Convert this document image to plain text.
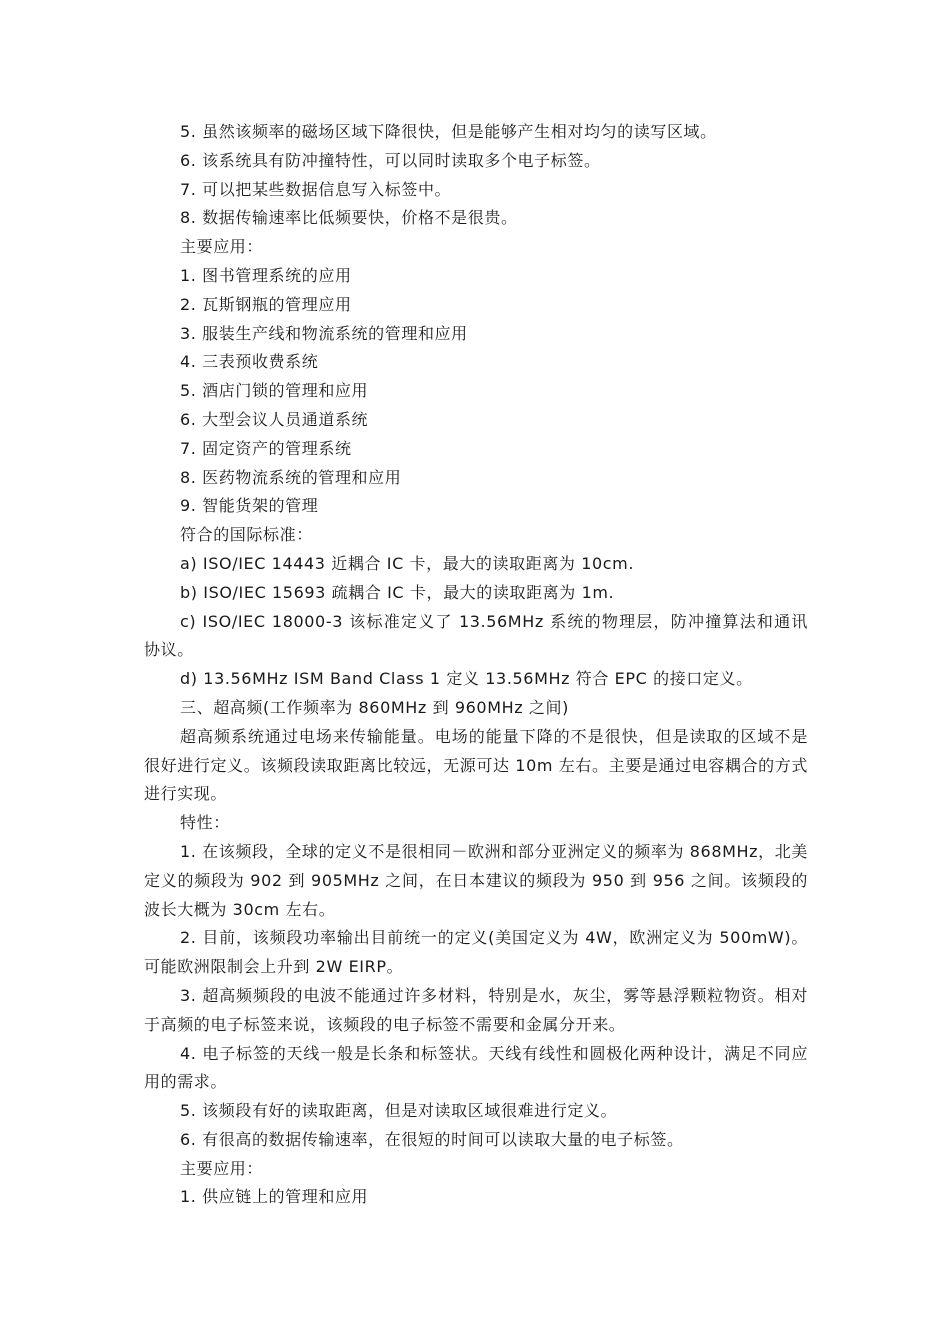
5. 虽然该频率的磁场区域下降很快，但是能够产生相对均匀的读写区域。

6. 该系统具有防冲撞特性，可以同时读取多个电子标签。

7. 可以把某些数据信息写入标签中。

8. 数据传输速率比低频要快，价格不是很贵。

主要应用：

1. 图书管理系统的应用

2. 瓦斯钢瓶的管理应用

3. 服装生产线和物流系统的管理和应用

4. 三表预收费系统

5. 酒店门锁的管理和应用

6. 大型会议人员通道系统

7. 固定资产的管理系统

8. 医药物流系统的管理和应用

9. 智能货架的管理

符合的国际标准：

a) ISO/IEC 14443 近耦合 IC 卡，最大的读取距离为 10cm.

b) ISO/IEC 15693 疏耦合 IC 卡，最大的读取距离为 1m.

c) ISO/IEC 18000-3 该标准定义了 13.56MHz 系统的物理层，防冲撞算法和通讯协议。

d) 13.56MHz ISM Band Class 1 定义 13.56MHz 符合 EPC 的接口定义。

三、超高频(工作频率为 860MHz 到 960MHz 之间)

超高频系统通过电场来传输能量。电场的能量下降的不是很快，但是读取的区域不是很好进行定义。该频段读取距离比较远，无源可达 10m 左右。主要是通过电容耦合的方式进行实现。

特性：

1. 在该频段，全球的定义不是很相同－欧洲和部分亚洲定义的频率为 868MHz，北美定义的频段为 902 到 905MHz 之间，在日本建议的频段为 950 到 956 之间。该频段的波长大概为 30cm 左右。

2. 目前，该频段功率输出目前统一的定义(美国定义为 4W，欧洲定义为 500mW)。 可能欧洲限制会上升到 2W EIRP。

3. 超高频频段的电波不能通过许多材料，特别是水，灰尘，雾等悬浮颗粒物资。相对于高频的电子标签来说，该频段的电子标签不需要和金属分开来。

4. 电子标签的天线一般是长条和标签状。天线有线性和圆极化两种设计，满足不同应用的需求。

5. 该频段有好的读取距离，但是对读取区域很难进行定义。

6. 有很高的数据传输速率，在很短的时间可以读取大量的电子标签。

主要应用：

1. 供应链上的管理和应用
